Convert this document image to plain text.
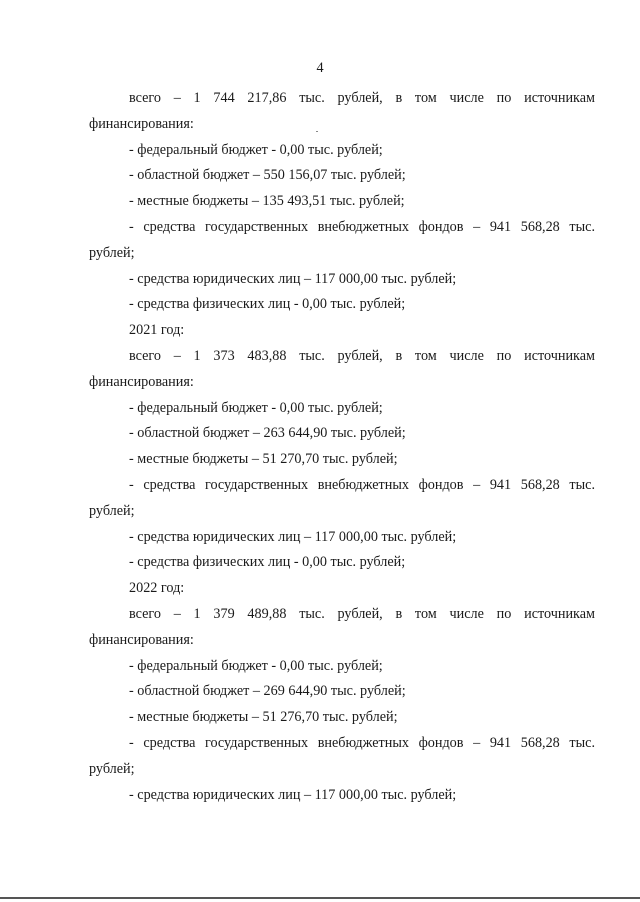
4
всего – 1 744 217,86 тыс. рублей, в том числе по источникам
финансирования:
- федеральный бюджет - 0,00 тыс. рублей;
- областной бюджет – 550 156,07 тыс. рублей;
- местные бюджеты – 135 493,51 тыс. рублей;
- средства государственных внебюджетных фондов – 941 568,28 тыс.
рублей;
- средства юридических лиц – 117 000,00 тыс. рублей;
- средства физических лиц - 0,00 тыс. рублей;
2021 год:
всего – 1 373 483,88 тыс. рублей, в том числе по источникам
финансирования:
- федеральный бюджет - 0,00 тыс. рублей;
- областной бюджет – 263 644,90 тыс. рублей;
- местные бюджеты – 51 270,70 тыс. рублей;
- средства государственных внебюджетных фондов – 941 568,28 тыс.
рублей;
- средства юридических лиц – 117 000,00 тыс. рублей;
- средства физических лиц - 0,00 тыс. рублей;
2022 год:
всего – 1 379 489,88 тыс. рублей, в том числе по источникам
финансирования:
- федеральный бюджет - 0,00 тыс. рублей;
- областной бюджет – 269 644,90 тыс. рублей;
- местные бюджеты – 51 276,70 тыс. рублей;
- средства государственных внебюджетных фондов – 941 568,28 тыс.
рублей;
- средства юридических лиц – 117 000,00 тыс. рублей;
